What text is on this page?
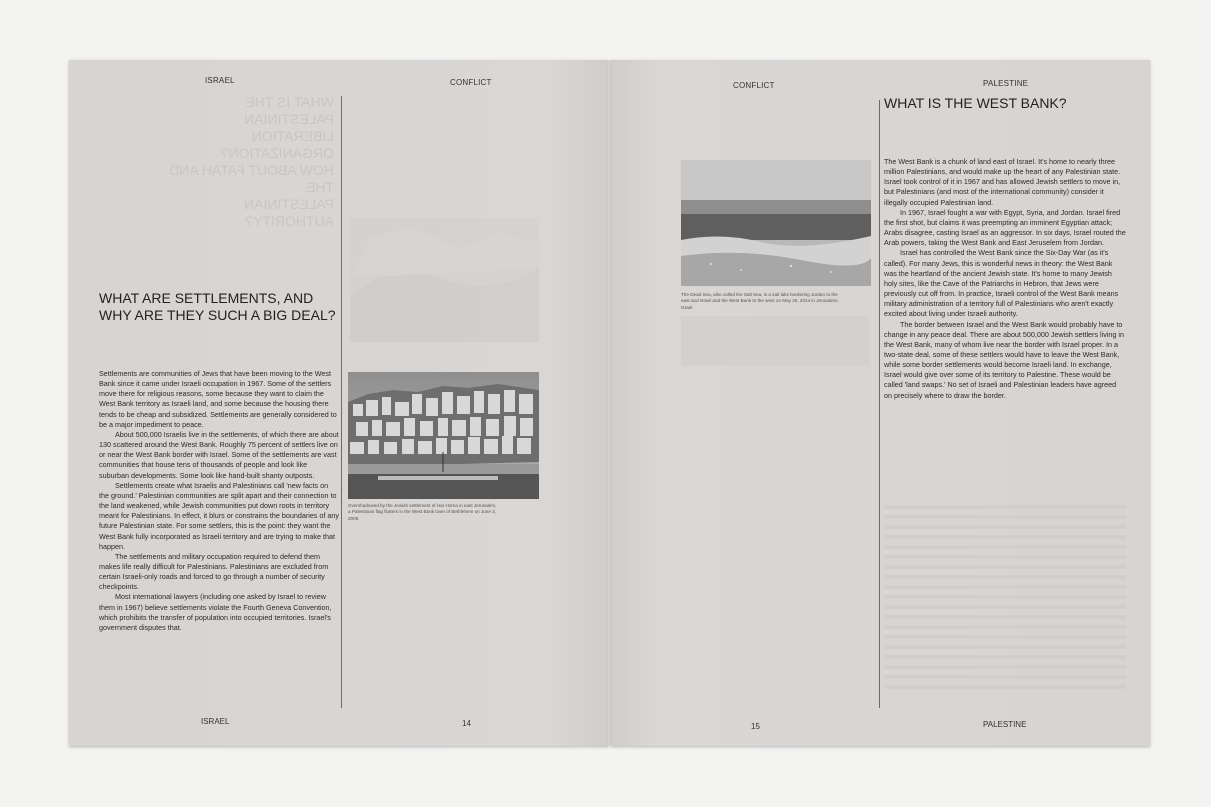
ISRAEL	CONFLICT
WHAT IS THE PALESTINIAN
LIBERATION ORGANIZATION?
HOW ABOUT FATAH AND THE
PALESTINIAN AUTHORITY?
WHAT ARE SETTLEMENTS, AND
WHY ARE THEY SUCH A BIG DEAL?

Settlements are communities of Jews that have been moving to the West Bank since it came under Israeli occupation in 1967. Some of the settlers move there for religious reasons, some because they want to claim the West Bank territory as Israeli land, and some because the housing there tends to be cheap and subsidized. Settlements are generally considered to be a major impediment to peace.

About 500,000 Israelis live in the settlements, of which there are about 130 scattered around the West Bank. Roughly 75 percent of settlers live on or near the West Bank border with Israel. Some of the settlements are vast communities that house tens of thousands of people and look like suburban developments. Some look like hand-built shanty outposts.

Settlements create what Israelis and Palestinians call 'new facts on the ground.' Palestinian communities are split apart and their connection to the land weakened, while Jewish communities put down roots in territory meant for Palestinians. In effect, it blurs or constrains the boundaries of any future Palestinian state. For some settlers, this is the point: they want the West Bank fully incorporated as Israeli territory and are trying to make that happen.

The settlements and military occupation required to defend them makes life really difficult for Palestinians. Palestinians are excluded from certain Israeli-only roads and forced to go through a number of security checkpoints.

Most international lawyers (including one asked by Israel to review them in 1967) believe settlements violate the Fourth Geneva Convention, which prohibits the transfer of population into occupied territories. Israel's government disputes that.

Overshadowed by the Jewish settlement of Har Homa in east Jerusalem, a Palestinian flag flutters in the West Bank town of Bethlehem on June 2, 2009.

ISRAEL	14
CONFLICT	PALESTINE
WHAT IS THE WEST BANK?

The Dead Sea, also called the Salt Sea, is a salt lake bordering Jordan to the east and Israel and the West Bank to the west on May 20, 2014 in Jerusalem, Israel.

The West Bank is a chunk of land east of Israel. It's home to nearly three million Palestinians, and would make up the heart of any Palestinian state. Israel took control of it in 1967 and has allowed Jewish settlers to move in, but Palestinians (and most of the international community) consider it illegally occupied Palestinian land.

In 1967, Israel fought a war with Egypt, Syria, and Jordan. Israel fired the first shot, but claims it was preempting an imminent Egyptian attack; Arabs disagree, casting Israel as an aggressor. In six days, Israel routed the Arab powers, taking the West Bank and East Jeruselem from Jordan.

Israel has controlled the West Bank since the Six-Day War (as it's called). For many Jews, this is wonderful news in theory: the West Bank was the heartland of the ancient Jewish state. It's home to many Jewish holy sites, like the Cave of the Patriarchs in Hebron, that Jews were previously cut off from. In practice, Israeli control of the West Bank means military administration of a territory full of Palestinians who aren't exactly excited about living under Israeli authority.

The border between Israel and the West Bank would probably have to change in any peace deal. There are about 500,000 Jewish settlers living in the West Bank, many of whom live near the border with Israel proper. In a two-state deal, some of these settlers would have to leave the West Bank, while some border settlements would become Israeli land. In exchange, Israel would give over some of its territory to Palestine. These would be called 'land swaps.' No set of Israeli and Palestinian leaders have agreed on precisely where to draw the border.

15	PALESTINE
